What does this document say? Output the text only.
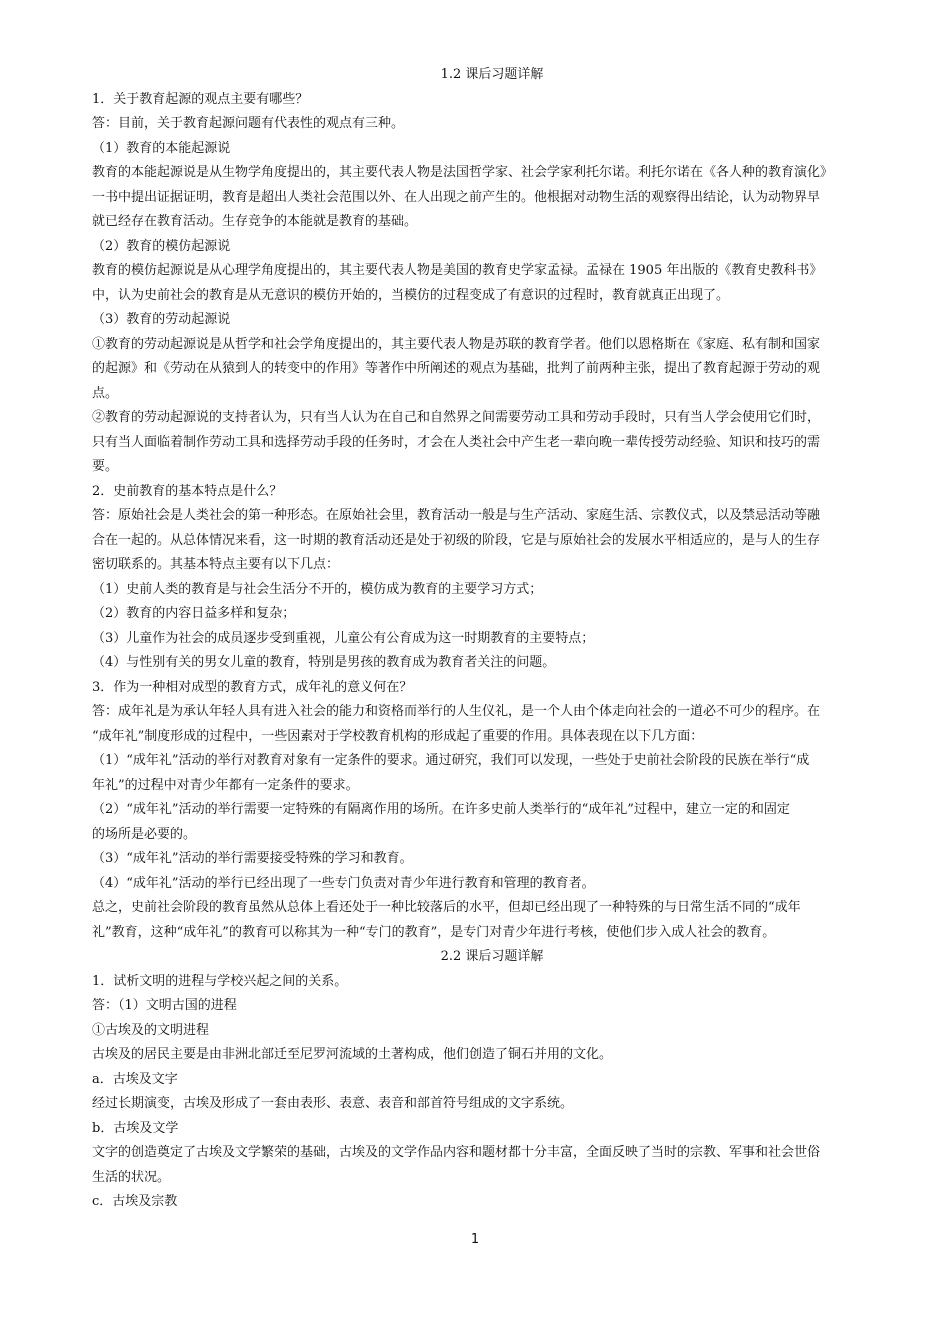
1.2 课后习题详解
1．关于教育起源的观点主要有哪些？
答：目前，关于教育起源问题有代表性的观点有三种。
（1）教育的本能起源说
教育的本能起源说是从生物学角度提出的，其主要代表人物是法国哲学家、社会学家利托尔诺。利托尔诺在《各人种的教育演化》
一书中提出证据证明，教育是超出人类社会范围以外、在人出现之前产生的。他根据对动物生活的观察得出结论，认为动物界早
就已经存在教育活动。生存竞争的本能就是教育的基础。
（2）教育的模仿起源说
教育的模仿起源说是从心理学角度提出的，其主要代表人物是美国的教育史学家孟禄。孟禄在 1905 年出版的《教育史教科书》
中，认为史前社会的教育是从无意识的模仿开始的，当模仿的过程变成了有意识的过程时，教育就真正出现了。
（3）教育的劳动起源说
①教育的劳动起源说是从哲学和社会学角度提出的，其主要代表人物是苏联的教育学者。他们以恩格斯在《家庭、私有制和国家
的起源》和《劳动在从猿到人的转变中的作用》等著作中所阐述的观点为基础，批判了前两种主张，提出了教育起源于劳动的观
点。
②教育的劳动起源说的支持者认为，只有当人认为在自己和自然界之间需要劳动工具和劳动手段时，只有当人学会使用它们时，
只有当人面临着制作劳动工具和选择劳动手段的任务时，才会在人类社会中产生老一辈向晚一辈传授劳动经验、知识和技巧的需
要。
2．史前教育的基本特点是什么？
答：原始社会是人类社会的第一种形态。在原始社会里，教育活动一般是与生产活动、家庭生活、宗教仪式，以及禁忌活动等融
合在一起的。从总体情况来看，这一时期的教育活动还是处于初级的阶段，它是与原始社会的发展水平相适应的，是与人的生存
密切联系的。其基本特点主要有以下几点：
（1）史前人类的教育是与社会生活分不开的，模仿成为教育的主要学习方式；
（2）教育的内容日益多样和复杂；
（3）儿童作为社会的成员逐步受到重视，儿童公有公育成为这一时期教育的主要特点；
（4）与性别有关的男女儿童的教育，特别是男孩的教育成为教育者关注的问题。
3．作为一种相对成型的教育方式，成年礼的意义何在？
答：成年礼是为承认年轻人具有进入社会的能力和资格而举行的人生仪礼，是一个人由个体走向社会的一道必不可少的程序。在
“成年礼”制度形成的过程中，一些因素对于学校教育机构的形成起了重要的作用。具体表现在以下几方面：
（1）“成年礼”活动的举行对教育对象有一定条件的要求。通过研究，我们可以发现，一些处于史前社会阶段的民族在举行“成
年礼”的过程中对青少年都有一定条件的要求。
（2）“成年礼”活动的举行需要一定特殊的有隔离作用的场所。在许多史前人类举行的“成年礼”过程中，建立一定的和固定
的场所是必要的。
（3）“成年礼”活动的举行需要接受特殊的学习和教育。
（4）“成年礼”活动的举行已经出现了一些专门负责对青少年进行教育和管理的教育者。
总之，史前社会阶段的教育虽然从总体上看还处于一种比较落后的水平，但却已经出现了一种特殊的与日常生活不同的“成年
礼”教育，这种“成年礼”的教育可以称其为一种“专门的教育”，是专门对青少年进行考核，使他们步入成人社会的教育。
2.2 课后习题详解
1．试析文明的进程与学校兴起之间的关系。
答：（1）文明古国的进程
①古埃及的文明进程
古埃及的居民主要是由非洲北部迁至尼罗河流域的土著构成，他们创造了铜石并用的文化。
a．古埃及文字
经过长期演变，古埃及形成了一套由表形、表意、表音和部首符号组成的文字系统。
b．古埃及文学
文字的创造奠定了古埃及文学繁荣的基础，古埃及的文学作品内容和题材都十分丰富，全面反映了当时的宗教、军事和社会世俗
生活的状况。
c．古埃及宗教
1
